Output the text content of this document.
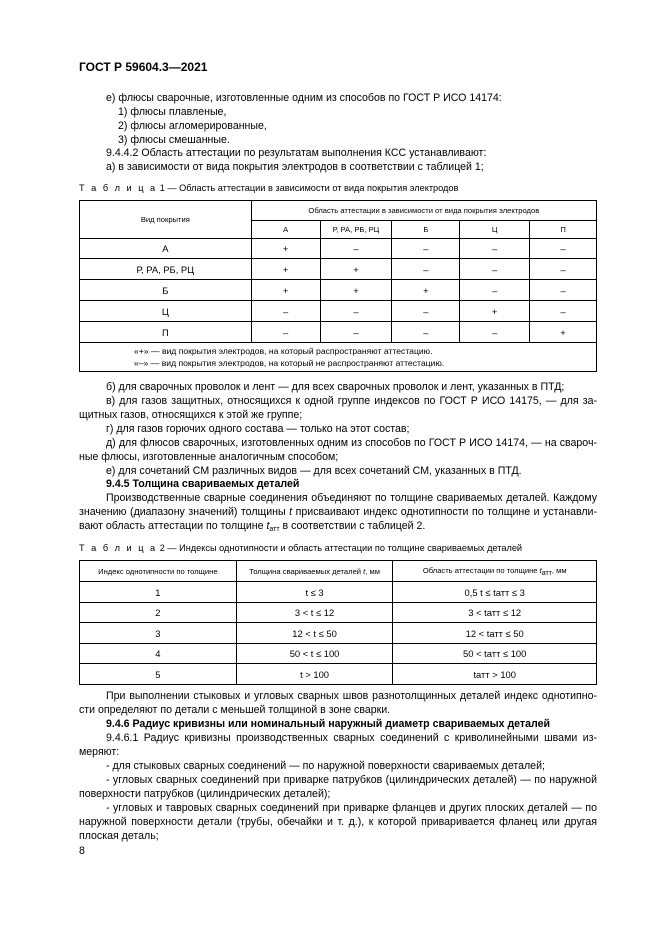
ГОСТ Р 59604.3—2021
е) флюсы сварочные, изготовленные одним из способов по ГОСТ Р ИСО 14174:
1) флюсы плавленые,
2) флюсы агломерированные,
3) флюсы смешанные.
9.4.4.2 Область аттестации по результатам выполнения КСС устанавливают:
а) в зависимости от вида покрытия электродов в соответствии с таблицей 1;
Т а б л и ц а 1 — Область аттестации в зависимости от вида покрытия электродов
Вид покрытия	Область аттестации в зависимости от вида покрытия электродов				
	А	Р, РА, РБ, РЦ	Б	Ц	П
А	+	–	–	–	–
Р, РА, РБ, РЦ	+	+	–	–	–
Б	+	+	+	–	–
Ц	–	–	–	+	–
П	–	–	–	–	+

«+» — вид покрытия электродов, на который распространяют аттестацию.
«–» — вид покрытия электродов, на который не распространяют аттестацию.					
б) для сварочных проволок и лент — для всех сварочных проволок и лент, указанных в ПТД;
в) для газов защитных, относящихся к одной группе индексов по ГОСТ Р ИСО 14175, — для за-
щитных газов, относящихся к этой же группе;
г) для газов горючих одного состава — только на этот состав;
д) для флюсов сварочных, изготовленных одним из способов по ГОСТ Р ИСО 14174, — на свароч-
ные флюсы, изготовленные аналогичным способом;
е) для сочетаний СМ различных видов — для всех сочетаний СМ, указанных в ПТД.
9.4.5 Толщина свариваемых деталей
Производственные сварные соединения объединяют по толщине свариваемых деталей. Каждому
значению (диапазону значений) толщины t присваивают индекс однотипности по толщине и устанавли-
вают область аттестации по толщине $t_{атт}$ в соответствии с таблицей 2.
Т а б л и ц а 2 — Индексы однотипности и область аттестации по толщине свариваемых деталей
Индекс однотипности по толщине	Толщина свариваемых деталей t, мм	Область аттестации по толщине $t_{атт}$, мм
1	t ≤ 3	0,5 t ≤ tатт ≤ 3
2	3 < t ≤ 12	3 < tатт ≤ 12
3	12 < t ≤ 50	12 < tатт ≤ 50
4	50 < t ≤ 100	50 < tатт ≤ 100
5	t > 100	tатт > 100
При выполнении стыковых и угловых сварных швов разнотолщинных деталей индекс однотипно-
сти определяют по детали с меньшей толщиной в зоне сварки.
9.4.6 Радиус кривизны или номинальный наружный диаметр свариваемых деталей
9.4.6.1 Радиус кривизны производственных сварных соединений с криволинейными швами из-
меряют:
- для стыковых сварных соединений — по наружной поверхности свариваемых деталей;
- угловых сварных соединений при приварке патрубков (цилиндрических деталей) — по наружной
поверхности патрубков (цилиндрических деталей);
- угловых и тавровых сварных соединений при приварке фланцев и других плоских деталей — по
наружной поверхности детали (трубы, обечайки и т. д.), к которой приваривается фланец или другая
плоская деталь;
8
